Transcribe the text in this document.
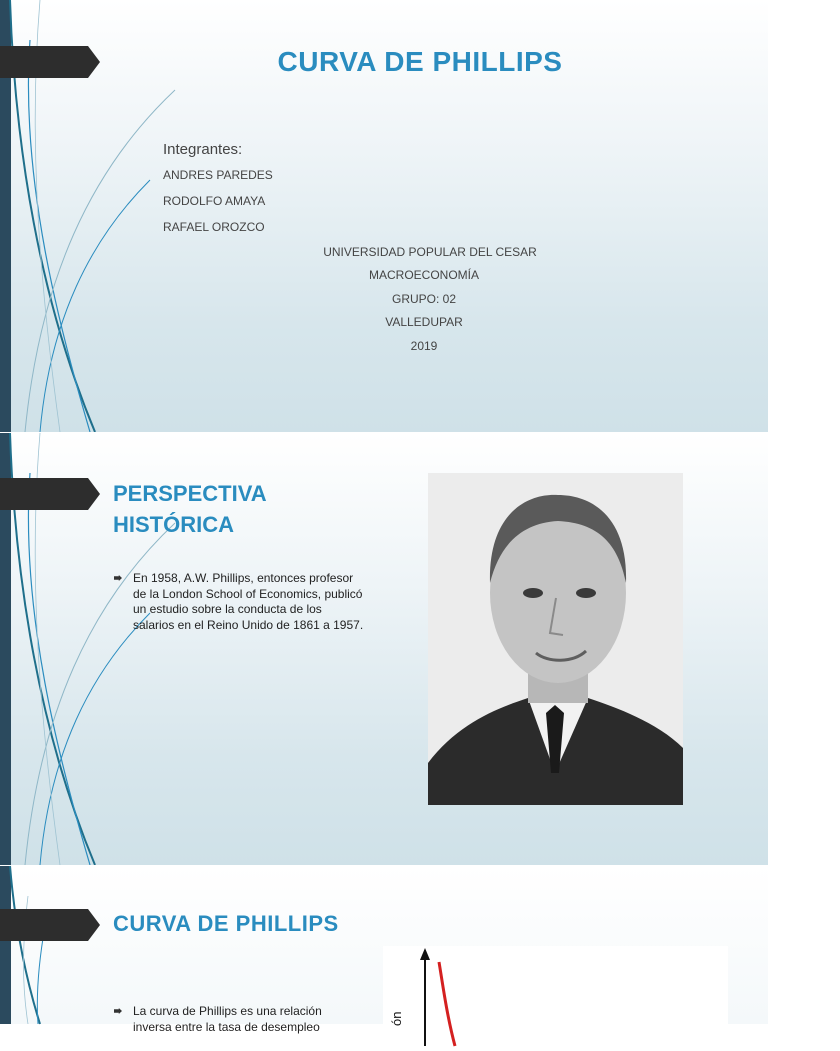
CURVA DE PHILLIPS
Integrantes:
ANDRES PAREDES
RODOLFO AMAYA
RAFAEL OROZCO
UNIVERSIDAD POPULAR DEL CESAR
MACROECONOMÍA
GRUPO: 02
VALLEDUPAR
2019
PERSPECTIVA HISTÓRICA
En 1958, A.W. Phillips, entonces profesor de la London School of Economics, publicó un estudio sobre la conducta de los salarios en el Reino Unido de 1861 a 1957.
CURVA DE PHILLIPS
La curva de Phillips es una relación inversa entre la tasa de desempleo
ón
